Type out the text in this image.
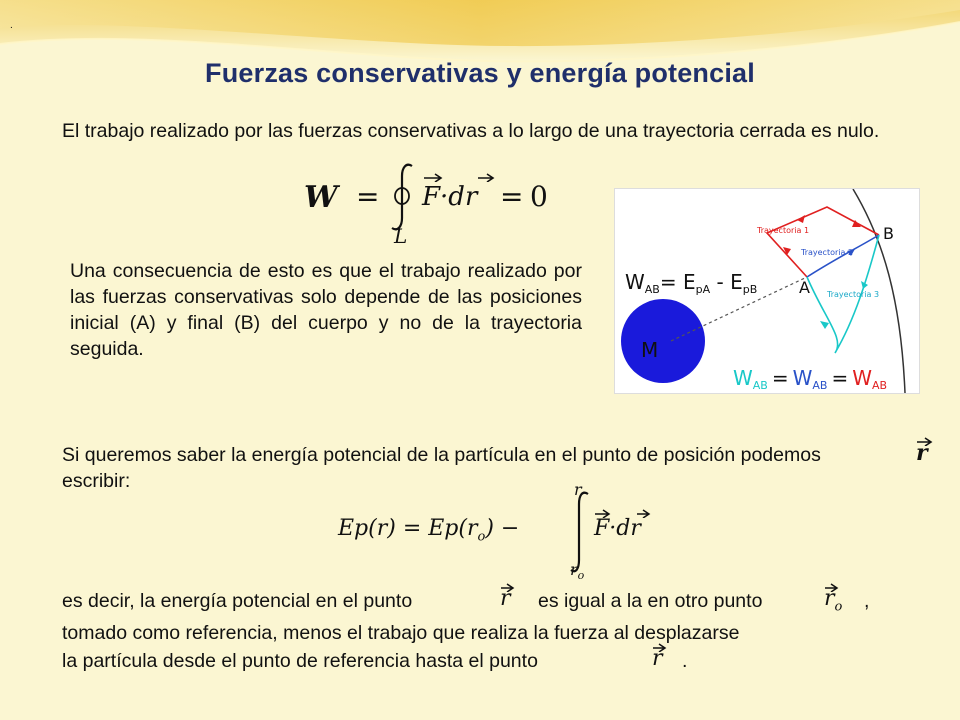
.
Fuerzas conservativas y energía potencial
El trabajo realizado por las fuerzas conservativas a lo largo de una trayectoria cerrada es nulo.
W =
L
F·dr = 0
Una consecuencia de esto es que el trabajo realizado por las fuerzas conservativas solo depende de las posiciones inicial (A) y final (B) del cuerpo y no de la trayectoria seguida.
B
A
Trayectoria 1
Trayectoria 2
Trayectoria 3
$W_{AB}= E_{pA} - E_{pB}$
M
$W_{AB} = W_{AB} = W_{AB}$
Si queremos saber la energía potencial de la partícula en el punto de posición podemos escribir:
r
$Ep(r) = Ep(r_o)$ −
r
$r_o$
F·dr
es decir, la energía potencial en el punto	r es igual a la en otro punto	$r_o$ ,
tomado como referencia, menos el trabajo que realiza la fuerza al desplazarse
la partícula desde el punto de referencia hasta el punto	r .
